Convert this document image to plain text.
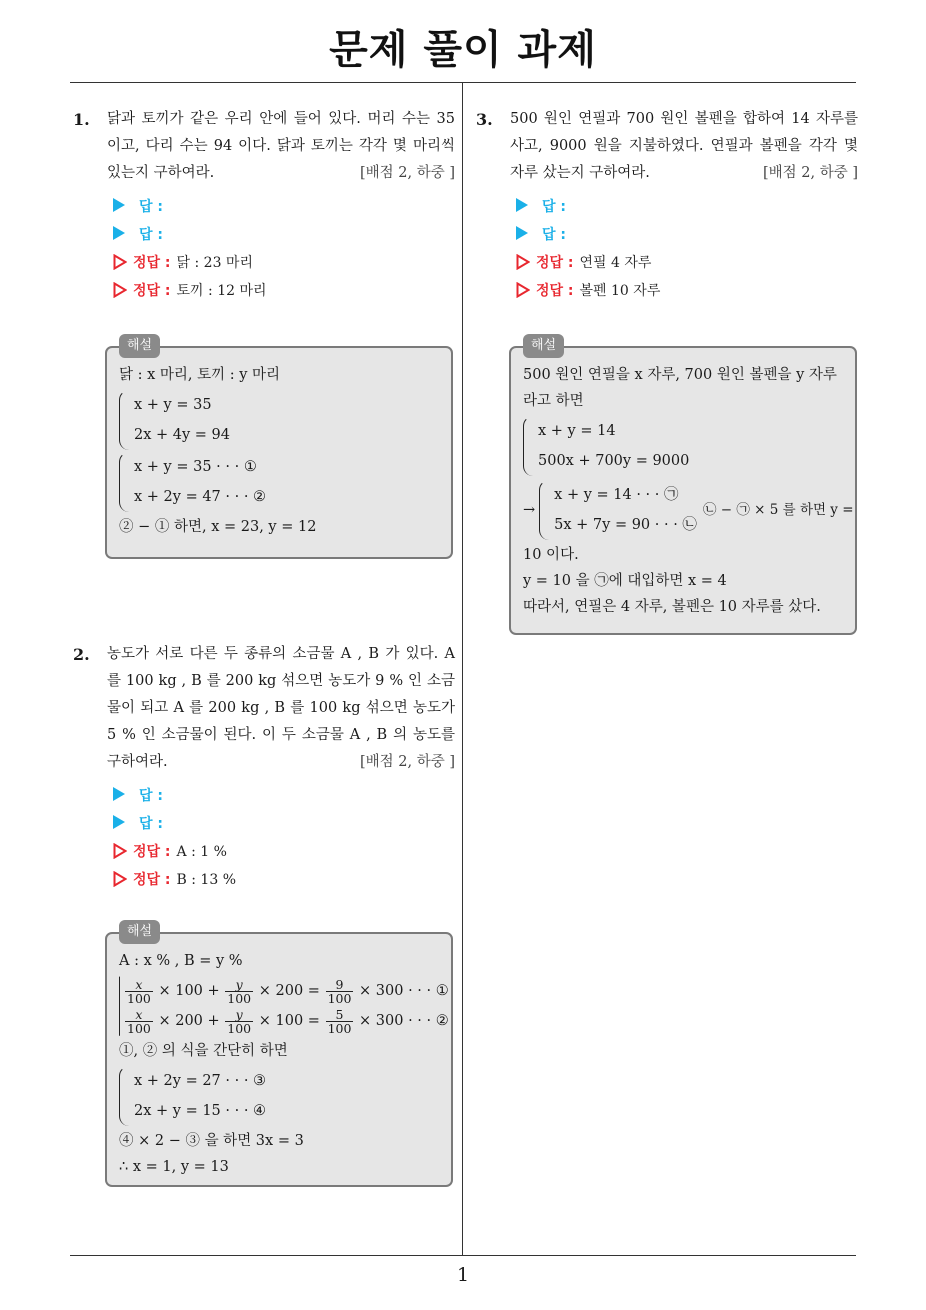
문제 풀이 과제
1
1. 닭과 토끼가 같은 우리 안에 들어 있다. 머리 수는 35 이고, 다리 수는 94 이다. 닭과 토끼는 각각 몇 마리씩 있는지 구하여라.	[배점 2, 하중 ]
답 :
답 :
정답 : 닭 : 23 마리
정답 : 토끼 : 12 마리
해설
닭 : x 마리, 토끼 : y 마리
x + y = 35
2x + 4y = 94
x + y = 35 · · · ①
x + 2y = 47 · · · ②
② − ① 하면, x = 23, y = 12
2. 농도가 서로 다른 두 종류의 소금물 A , B 가 있다. A 를 100 kg , B 를 200 kg 섞으면 농도가 9 % 인 소금물이 되고 A 를 200 kg , B 를 100 kg 섞으면 농도가 5 % 인 소금물이 된다. 이 두 소금물 A , B 의 농도를 구하여라.	[배점 2, 하중 ]
답 :
답 :
정답 : A : 1 %
정답 : B : 13 %
해설
A : x % , B = y %
$\frac{x}{100} \times 100 + \frac{y}{100} \times 200 = \frac{9}{100} \times 300$ · · · ①
$\frac{x}{100} \times 200 + \frac{y}{100} \times 100 = \frac{5}{100} \times 300$ · · · ②
①, ② 의 식을 간단히 하면
x + 2y = 27 · · · ③
2x + y = 15 · · · ④
④ × 2 − ③ 을 하면 3x = 3
∴ x = 1, y = 13
3. 500 원인 연필과 700 원인 볼펜을 합하여 14 자루를 사고, 9000 원을 지불하였다. 연필과 볼펜을 각각 몇 자루 샀는지 구하여라.	[배점 2, 하중 ]
답 :
답 :
정답 : 연필 4 자루
정답 : 볼펜 10 자루
해설
500 원인 연필을 x 자루, 700 원인 볼펜을 y 자루 라고 하면
x + y = 14
500x + 700y = 9000
→
x + y = 14 · · · ㉠
5x + 7y = 90 · · · ㉡
㉡ − ㉠ × 5 를 하면 y =
10 이다.
y = 10 을 ㉠에 대입하면 x = 4
따라서, 연필은 4 자루, 볼펜은 10 자루를 샀다.
